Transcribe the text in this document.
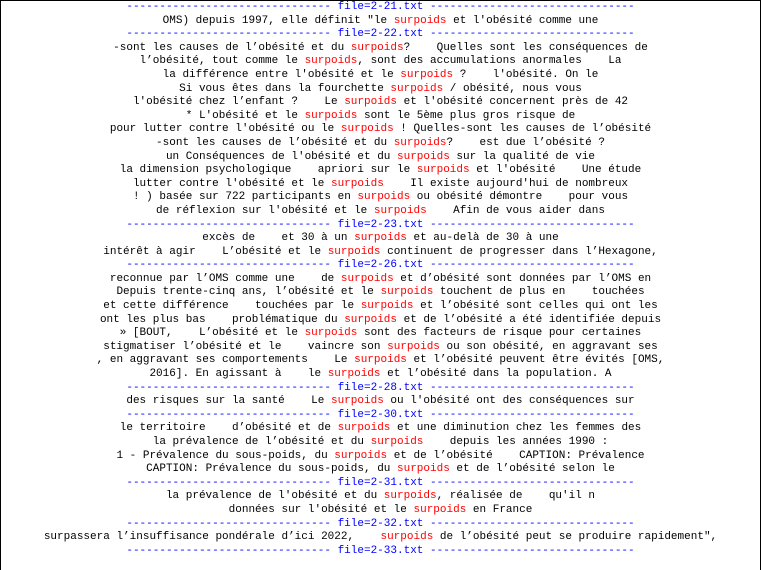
------------------------------- file=2-21.txt -------------------------------
OMS) depuis 1997, elle définit "le surpoids et l'obésité comme une
------------------------------- file=2-22.txt -------------------------------
-sont les causes de l’obésité et du surpoids?    Quelles sont les conséquences de
l’obésité, tout comme le surpoids, sont des accumulations anormales    La
la différence entre l'obésité et le surpoids ?    l'obésité. On le
Si vous êtes dans la fourchette surpoids / obésité, nous vous
l'obésité chez l’enfant ?    Le surpoids et l'obésité concernent près de 42
* L'obésité et le surpoids sont le 5ème plus gros risque de
pour lutter contre l'obésité ou le surpoids ! Quelles-sont les causes de l’obésité
-sont les causes de l’obésité et du surpoids?    est due l’obésité ?
un Conséquences de l'obésité et du surpoids sur la qualité de vie
la dimension psychologique    apriori sur le surpoids et l'obésité    Une étude
lutter contre l'obésité et le surpoids    Il existe aujourd'hui de nombreux
! ) basée sur 722 participants en surpoids ou obésité démontre    pour vous
de réflexion sur l'obésité et le surpoids    Afin de vous aider dans
------------------------------- file=2-23.txt -------------------------------
excès de    et 30 à un surpoids et au-delà de 30 à une
intérêt à agir    L’obésité et le surpoids continuent de progresser dans l’Hexagone,
------------------------------- file=2-26.txt -------------------------------
reconnue par l’OMS comme une    de surpoids et d’obésité sont données par l’OMS en
Depuis trente-cinq ans, l’obésité et le surpoids touchent de plus en    touchées
et cette différence    touchées par le surpoids et l’obésité sont celles qui ont les
ont les plus bas    problématique du surpoids et de l’obésité a été identifiée depuis
» [BOUT,    L’obésité et le surpoids sont des facteurs de risque pour certaines
stigmatiser l’obésité et le    vaincre son surpoids ou son obésité, en aggravant ses
, en aggravant ses comportements    Le surpoids et l’obésité peuvent être évités [OMS,
2016]. En agissant à    le surpoids et l’obésité dans la population. A
------------------------------- file=2-28.txt -------------------------------
des risques sur la santé    Le surpoids ou l'obésité ont des conséquences sur
------------------------------- file=2-30.txt -------------------------------
le territoire    d’obésité et de surpoids et une diminution chez les femmes des
la prévalence de l’obésité et du surpoids    depuis les années 1990 :
1 - Prévalence du sous-poids, du surpoids et de l’obésité    CAPTION: Prévalence
CAPTION: Prévalence du sous-poids, du surpoids et de l’obésité selon le
------------------------------- file=2-31.txt -------------------------------
la prévalence de l'obésité et du surpoids, réalisée de    qu'il n
données sur l'obésité et le surpoids en France
------------------------------- file=2-32.txt -------------------------------
surpassera l’insuffisance pondérale d’ici 2022,    surpoids de l’obésité peut se produire rapidement",
------------------------------- file=2-33.txt -------------------------------
